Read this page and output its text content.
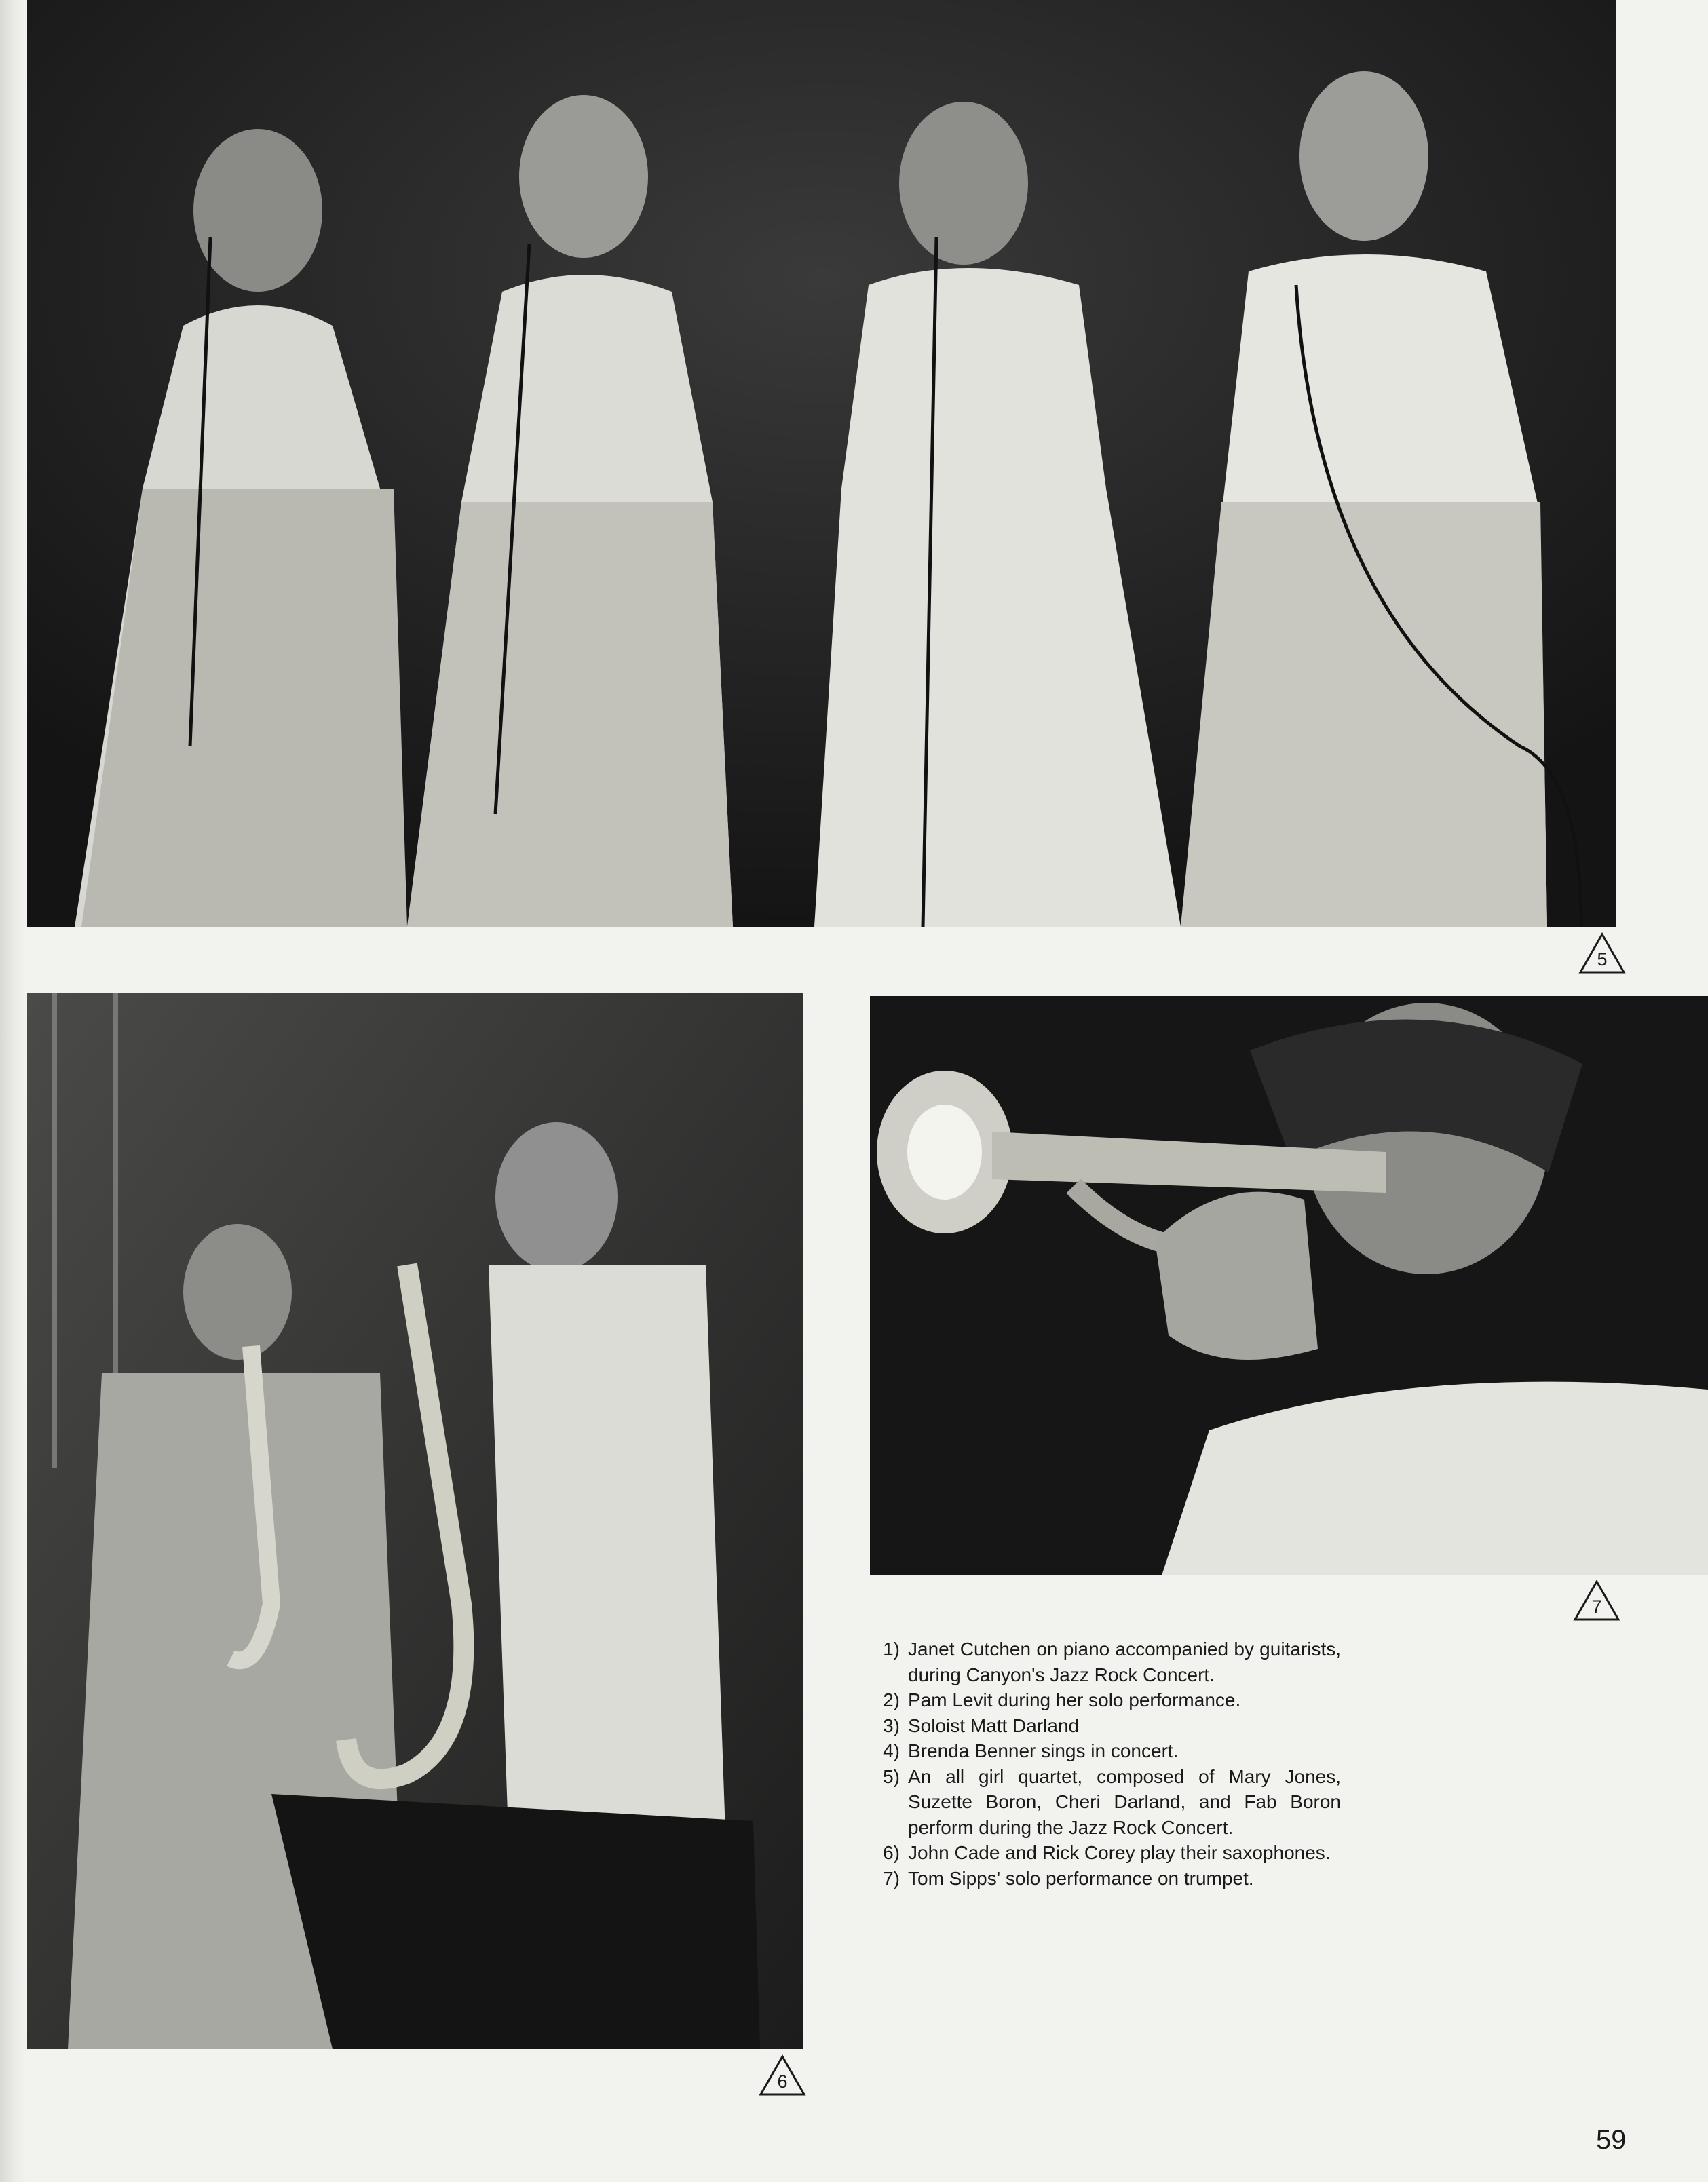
5
6
7
1) Janet Cutchen on piano accompanied by guitarists, during Canyon's Jazz Rock Concert.
2) Pam Levit during her solo performance.
3) Soloist Matt Darland
4) Brenda Benner sings in concert.
5) An all girl quartet, composed of Mary Jones, Suzette Boron, Cheri Darland, and Fab Boron perform during the Jazz Rock Concert.
6) John Cade and Rick Corey play their saxophones.
7) Tom Sipps' solo performance on trumpet.
59
